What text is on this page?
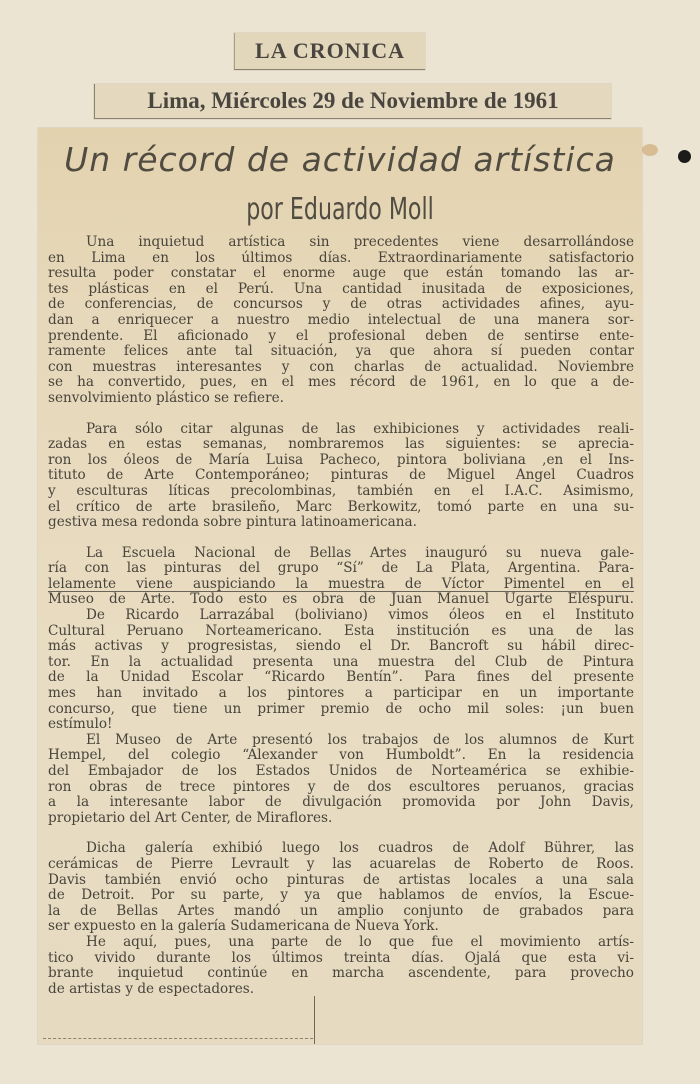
LA CRONICA
Lima, Miércoles 29 de Noviembre de 1961
Un récord de actividad artística
por Eduardo Moll

Una inquietud artística sin precedentes viene desarrollándose
en Lima en los últimos días. Extraordinariamente satisfactorio
resulta poder constatar el enorme auge que están tomando las ar-
tes plásticas en el Perú. Una cantidad inusitada de exposiciones,
de conferencias, de concursos y de otras actividades afines, ayu-
dan a enriquecer a nuestro medio intelectual de una manera sor-
prendente. El aficionado y el profesional deben de sentirse ente-
ramente felices ante tal situación, ya que ahora sí pueden contar
con muestras interesantes y con charlas de actualidad. Noviembre
se ha convertido, pues, en el mes récord de 1961, en lo que a de-
senvolvimiento plástico se refiere.

Para sólo citar algunas de las exhibiciones y actividades reali-
zadas en estas semanas, nombraremos las siguientes: se aprecia-
ron los óleos de María Luisa Pacheco, pintora boliviana ,en el Ins-
tituto de Arte Contemporáneo; pinturas de Miguel Angel Cuadros
y esculturas líticas precolombinas, también en el I.A.C. Asimismo,
el crítico de arte brasileño, Marc Berkowitz, tomó parte en una su-
gestiva mesa redonda sobre pintura latinoamericana.

La Escuela Nacional de Bellas Artes inauguró su nueva gale-
ría con las pinturas del grupo “Sí” de La Plata, Argentina. Para-
lelamente viene auspiciando la muestra de Víctor Pimentel en el
Museo de Arte. Todo esto es obra de Juan Manuel Ugarte Eléspuru.

De Ricardo Larrazábal (boliviano) vimos óleos en el Instituto
Cultural Peruano Norteamericano. Esta institución es una de las
más activas y progresistas, siendo el Dr. Bancroft su hábil direc-
tor. En la actualidad presenta una muestra del Club de Pintura
de la Unidad Escolar “Ricardo Bentín”. Para fines del presente
mes han invitado a los pintores a participar en un importante
concurso, que tiene un primer premio de ocho mil soles: ¡un buen
estímulo!

El Museo de Arte presentó los trabajos de los alumnos de Kurt
Hempel, del colegio “Alexander von Humboldt”. En la residencia
del Embajador de los Estados Unidos de Norteamérica se exhibie-
ron obras de trece pintores y de dos escultores peruanos, gracias
a la interesante labor de divulgación promovida por John Davis,
propietario del Art Center, de Miraflores.

Dicha galería exhibió luego los cuadros de Adolf Bührer, las
cerámicas de Pierre Levrault y las acuarelas de Roberto de Roos.
Davis también envió ocho pinturas de artistas locales a una sala
de Detroit. Por su parte, y ya que hablamos de envíos, la Escue-
la de Bellas Artes mandó un amplio conjunto de grabados para
ser expuesto en la galería Sudamericana de Nueva York.

He aquí, pues, una parte de lo que fue el movimiento artís-
tico vivido durante los últimos treinta días. Ojalá que esta vi-
brante inquietud continúe en marcha ascendente, para provecho
de artistas y de espectadores.
